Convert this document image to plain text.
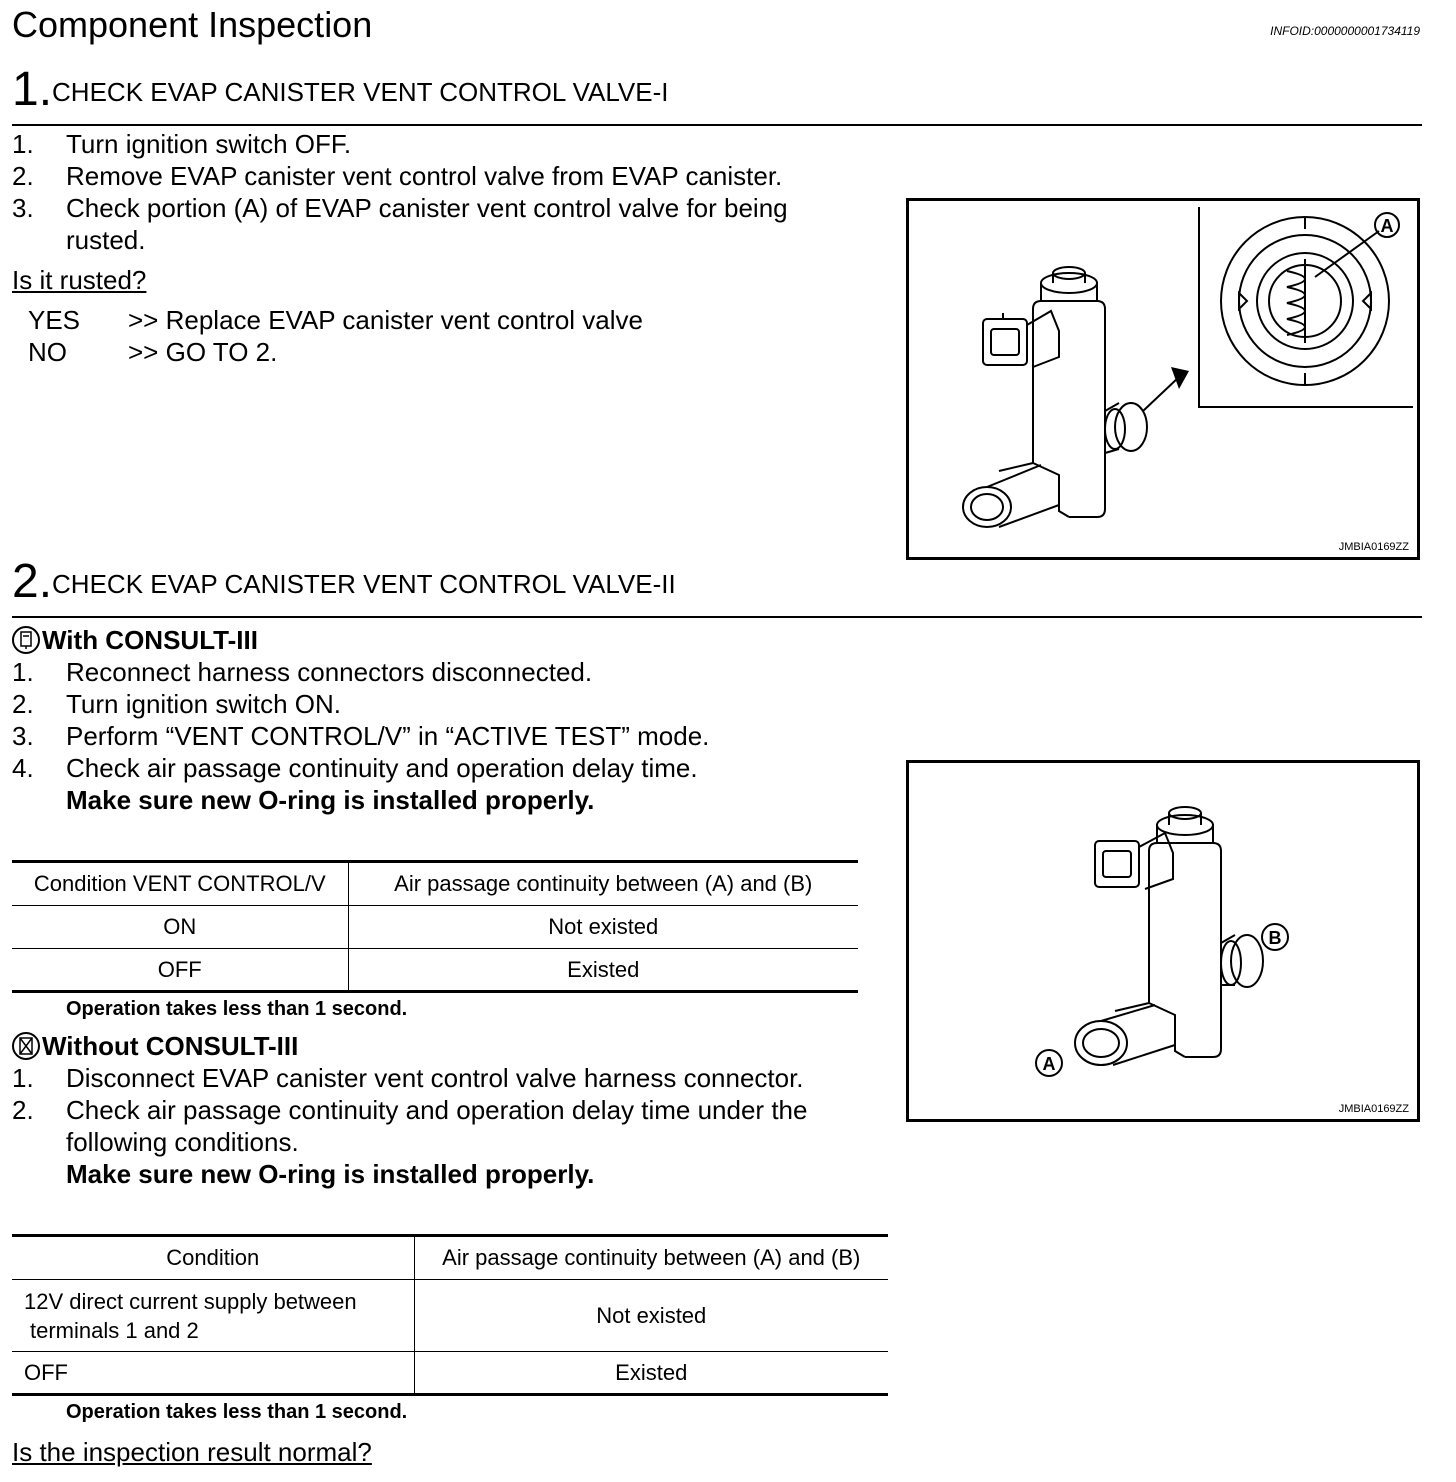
Component Inspection	INFOID:0000000001734119
1.CHECK EVAP CANISTER VENT CONTROL VALVE-I
1. Turn ignition switch OFF.
2. Remove EVAP canister vent control valve from EVAP canister.
3. Check portion (A) of EVAP canister vent control valve for being
rusted.
Is it rusted?
YES >> Replace EVAP canister vent control valve
NO >> GO TO 2.
A
JMBIA0169ZZ
2.CHECK EVAP CANISTER VENT CONTROL VALVE-II
With CONSULT-III
1. Reconnect harness connectors disconnected.
2. Turn ignition switch ON.
3. Perform “VENT CONTROL/V” in “ACTIVE TEST” mode.
4. Check air passage continuity and operation delay time.
Make sure new O-ring is installed properly.
Condition VENT CONTROL/V	Air passage continuity between (A) and (B)
ON	Not existed
OFF	Existed
Operation takes less than 1 second.
Without CONSULT-III
1. Disconnect EVAP canister vent control valve harness connector.
2. Check air passage continuity and operation delay time under the
following conditions.
Make sure new O-ring is installed properly.
Condition	Air passage continuity between (A) and (B)

12V direct current supply between
terminals 1 and 2	Not existed
OFF	Existed
Operation takes less than 1 second.
Is the inspection result normal?
B
A
JMBIA0169ZZ
